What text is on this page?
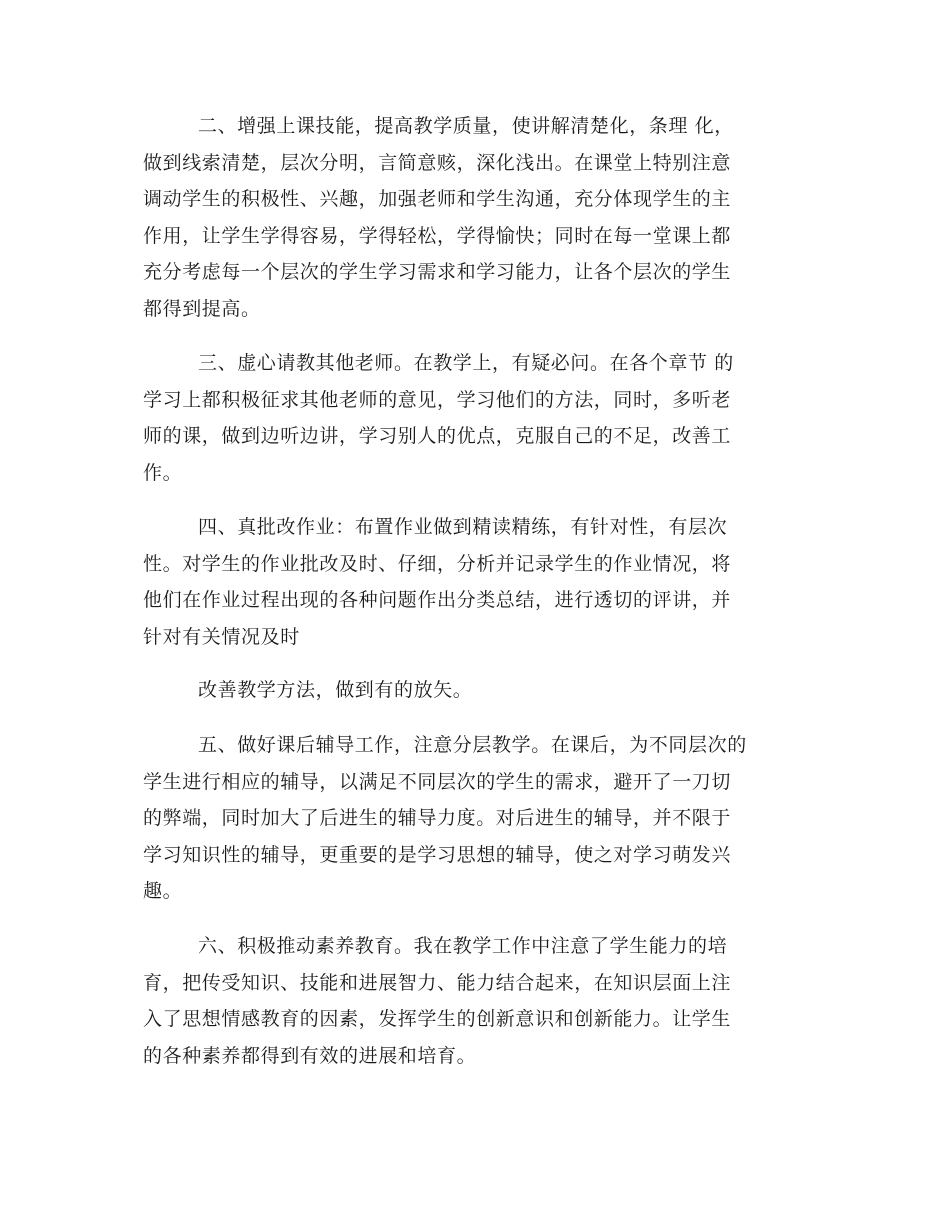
二、增强上课技能，提高教学质量，使讲解清楚化，条理 化，
做到线索清楚，层次分明，言简意赅，深化浅出。在课堂上特别注意
调动学生的积极性、兴趣，加强老师和学生沟通，充分体现学生的主
作用，让学生学得容易，学得轻松，学得愉快；同时在每一堂课上都
充分考虑每一个层次的学生学习需求和学习能力，让各个层次的学生
都得到提高。
三、虚心请教其他老师。在教学上，有疑必问。在各个章节 的
学习上都积极征求其他老师的意见，学习他们的方法，同时，多听老
师的课，做到边听边讲，学习别人的优点，克服自己的不足，改善工
作。
四、真批改作业：布置作业做到精读精练，有针对性，有层次
性。对学生的作业批改及时、仔细，分析并记录学生的作业情况，将
他们在作业过程出现的各种问题作出分类总结，进行透切的评讲，并
针对有关情况及时
改善教学方法，做到有的放矢。
五、做好课后辅导工作，注意分层教学。在课后，为不同层次的
学生进行相应的辅导，以满足不同层次的学生的需求，避开了一刀切
的弊端，同时加大了后进生的辅导力度。对后进生的辅导，并不限于
学习知识性的辅导，更重要的是学习思想的辅导，使之对学习萌发兴
趣。
六、积极推动素养教育。我在教学工作中注意了学生能力的培
育，把传受知识、技能和进展智力、能力结合起来，在知识层面上注
入了思想情感教育的因素，发挥学生的创新意识和创新能力。让学生
的各种素养都得到有效的进展和培育。
